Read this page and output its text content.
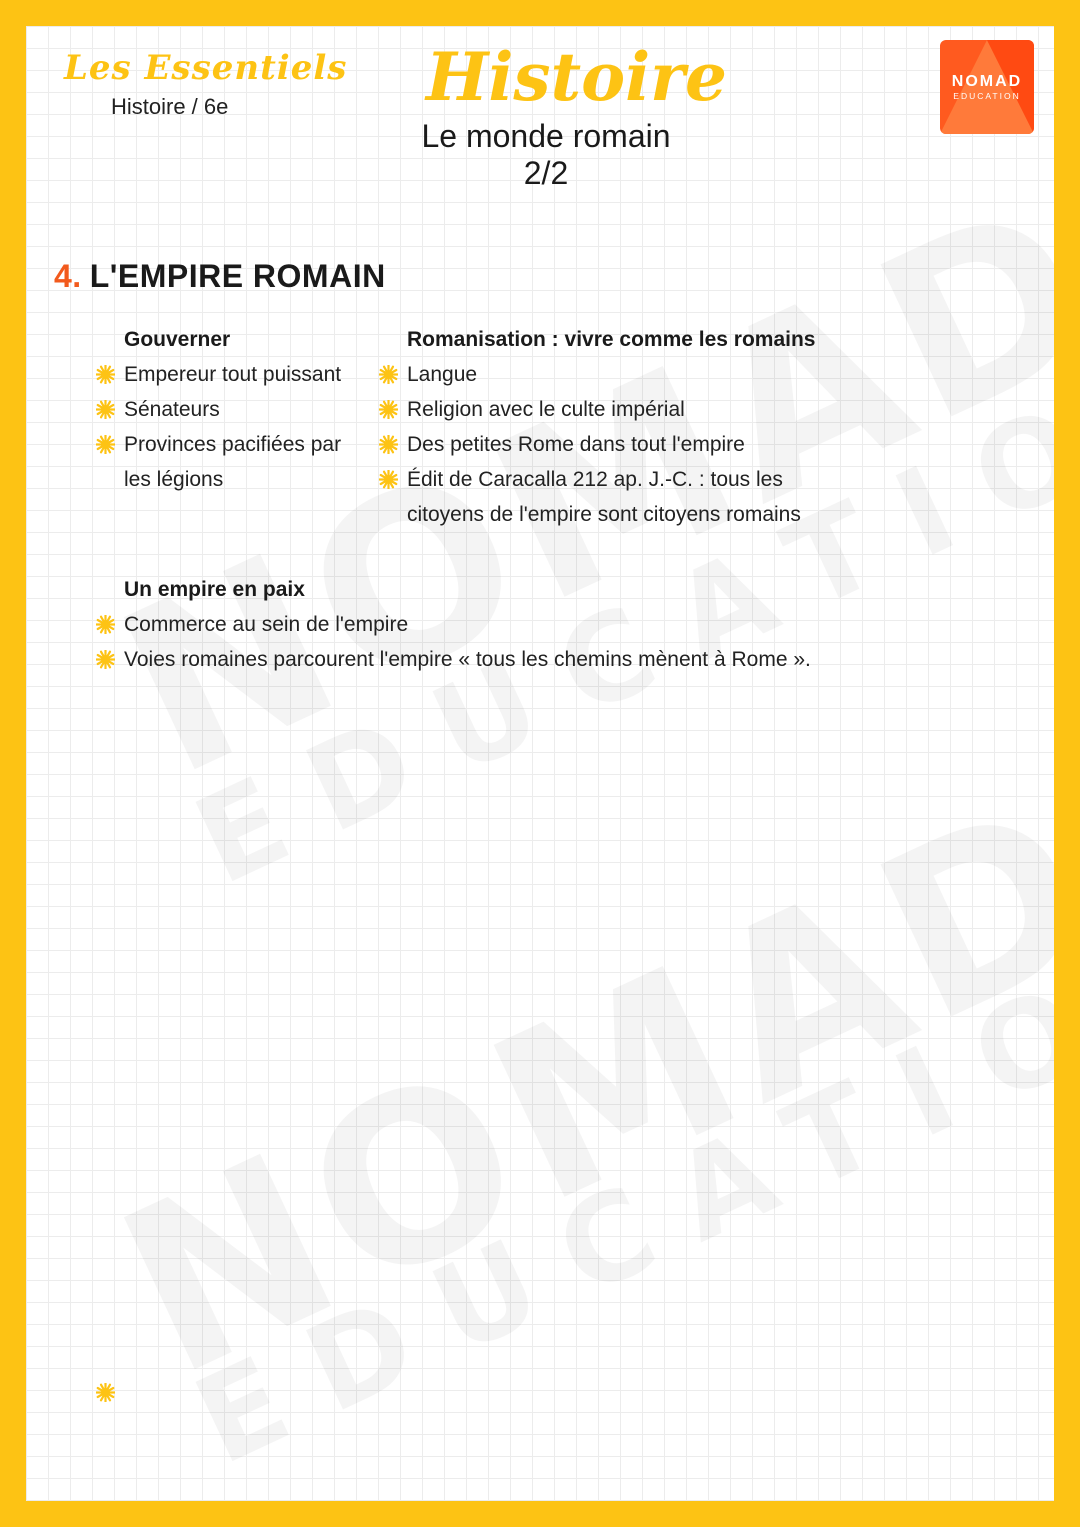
Les Essentiels
Histoire / 6e	Histoire
Le monde romain 2/2
NOMAD
EDUCATION
4. L'EMPIRE ROMAIN
Gouverner
Empereur tout puissant
Sénateurs
Provinces pacifiées par les légions
Romanisation : vivre comme les romains
Langue
Religion avec le culte impérial
Des petites Rome dans tout l'empire
Édit de Caracalla 212 ap. J.-C. : tous les citoyens de l'empire sont citoyens romains
Un empire en paix
Commerce au sein de l'empire
Voies romaines parcourent l'empire « tous les chemins mènent à Rome ».
